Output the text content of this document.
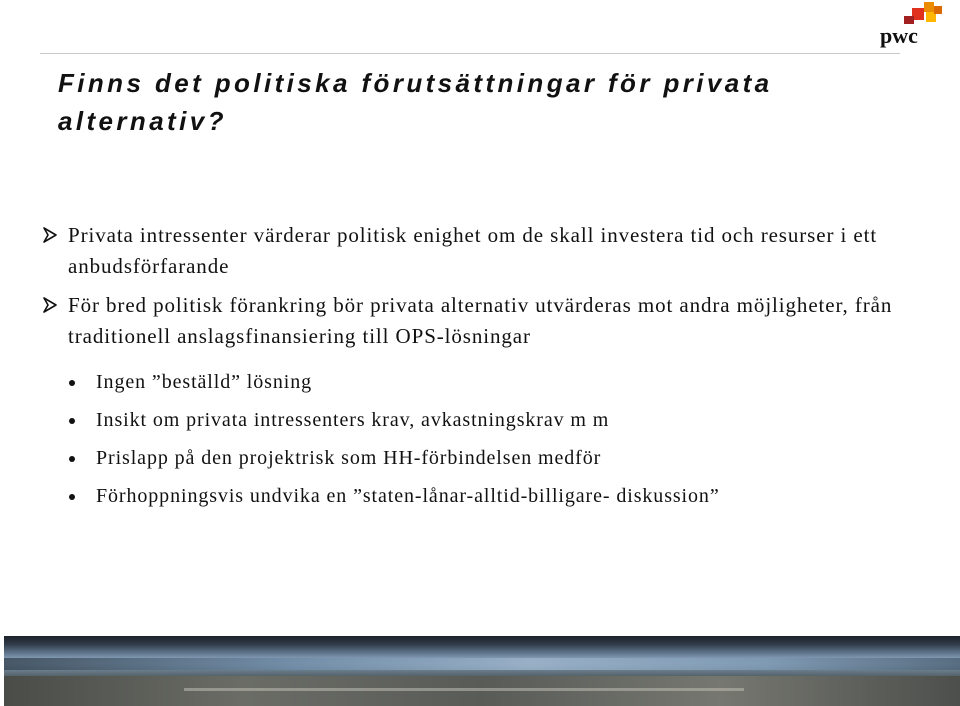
pwc
Finns det politiska förutsättningar för privata alternativ?
Privata intressenter värderar politisk enighet om de skall investera tid och resurser i ett anbudsförfarande
För bred politisk förankring bör privata alternativ utvärderas mot andra möjligheter, från traditionell anslagsfinansiering till OPS-lösningar
Ingen ”beställd” lösning
Insikt om privata intressenters krav, avkastningskrav m m
Prislapp på den projektrisk som HH-förbindelsen medför
Förhoppningsvis undvika en ”staten-lånar-alltid-billigare- diskussion”
